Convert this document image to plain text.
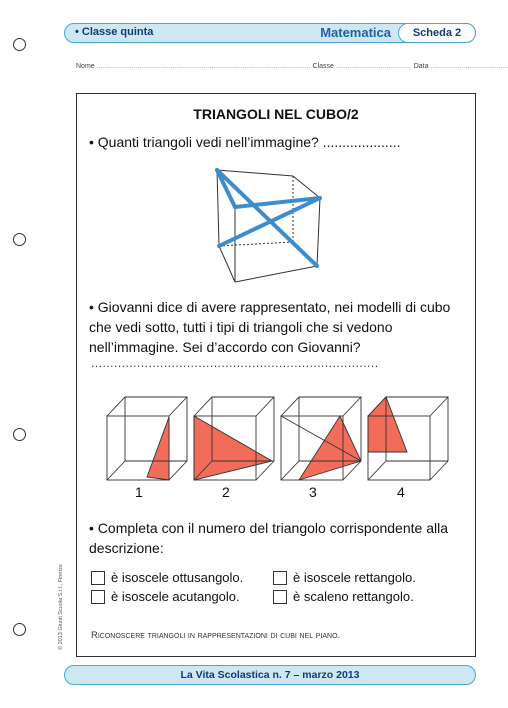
• Classe quinta	Matematica	Scheda 2
Nome .............................................................................................................. Classe ....................................... Data ........................................
TRIANGOLI NEL CUBO/2
• Quanti triangoli vedi nell’immagine? ....................
• Giovanni dice di avere rappresentato, nei modelli di cubo che vedi sotto, tutti i tipi di triangoli che si vedono nell’immagine. Sei d’accordo con Giovanni?
...........................................................................
1	2	3	4
• Completa con il numero del triangolo corrispondente alla descrizione:
è isoscele ottusangolo.	è isoscele rettangolo.
è isoscele acutangolo.	è scaleno rettangolo.
Riconoscere triangoli in rappresentazioni di cubi nel piano.
© 2013 Giunti Scuola S.r.l., Firenze
La Vita Scolastica n. 7 – marzo 2013
